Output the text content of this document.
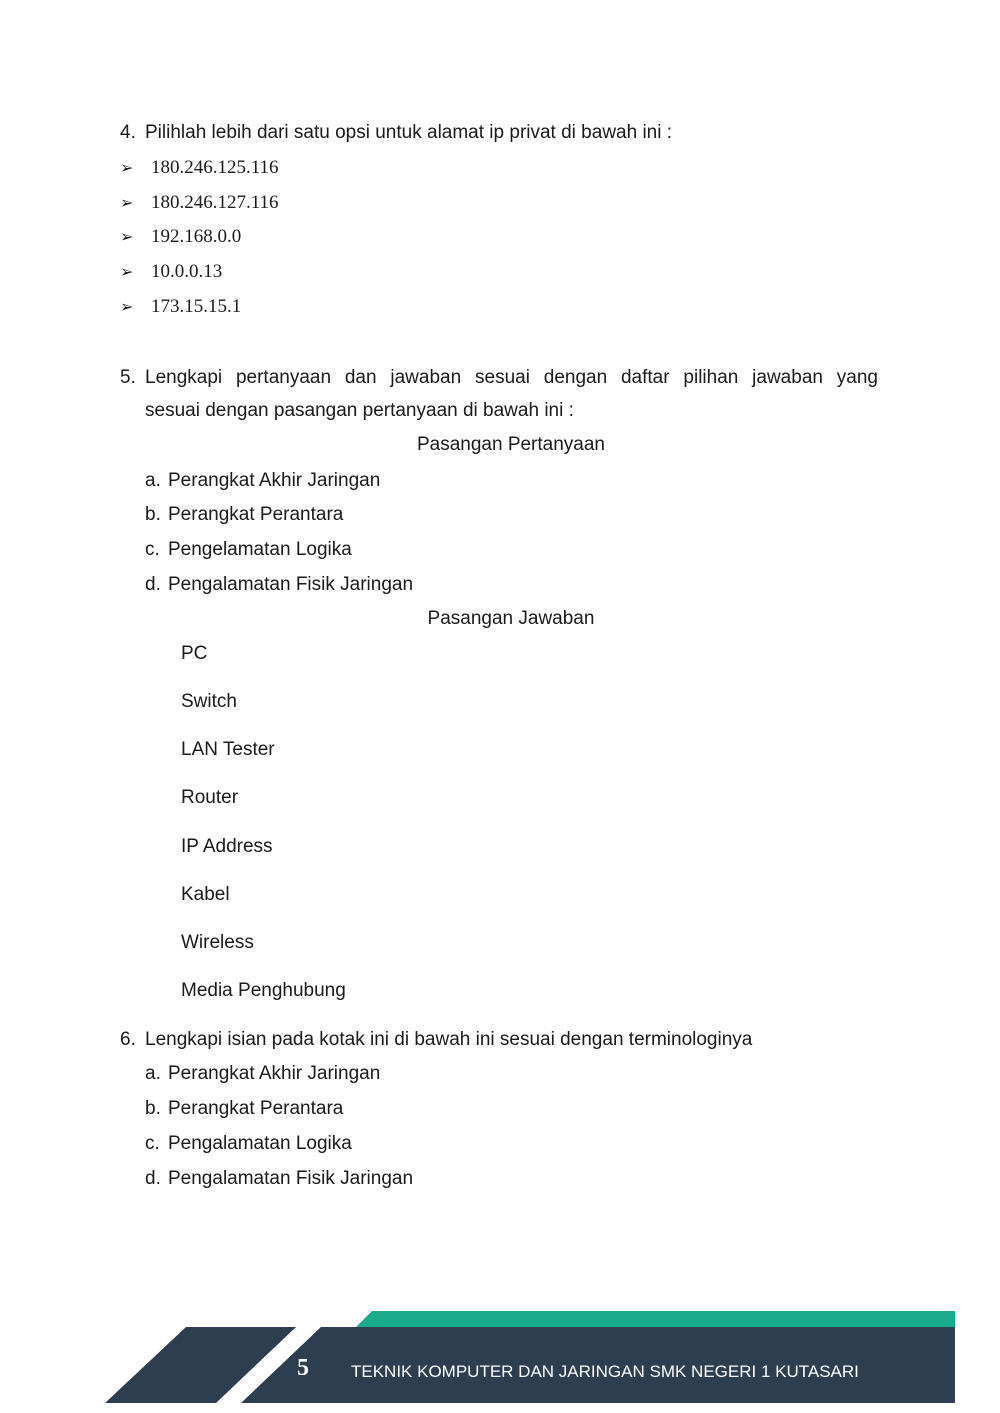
4. Pilihlah lebih dari satu opsi untuk alamat ip privat di bawah ini :
➢ 180.246.125.116
➢ 180.246.127.116
➢ 192.168.0.0
➢ 10.0.0.13
➢ 173.15.15.1
5. Lengkapi pertanyaan dan jawaban sesuai dengan daftar pilihan jawaban yang
sesuai dengan pasangan pertanyaan di bawah ini :
Pasangan Pertanyaan
a. Perangkat Akhir Jaringan
b. Perangkat Perantara
c. Pengelamatan Logika
d. Pengalamatan Fisik Jaringan
Pasangan Jawaban
PC
Switch
LAN Tester
Router
IP Address
Kabel
Wireless
Media Penghubung
6. Lengkapi isian pada kotak ini di bawah ini sesuai dengan terminologinya
a. Perangkat Akhir Jaringan
b. Perangkat Perantara
c. Pengalamatan Logika
d. Pengalamatan Fisik Jaringan
5 TEKNIK KOMPUTER DAN JARINGAN SMK NEGERI 1 KUTASARI
